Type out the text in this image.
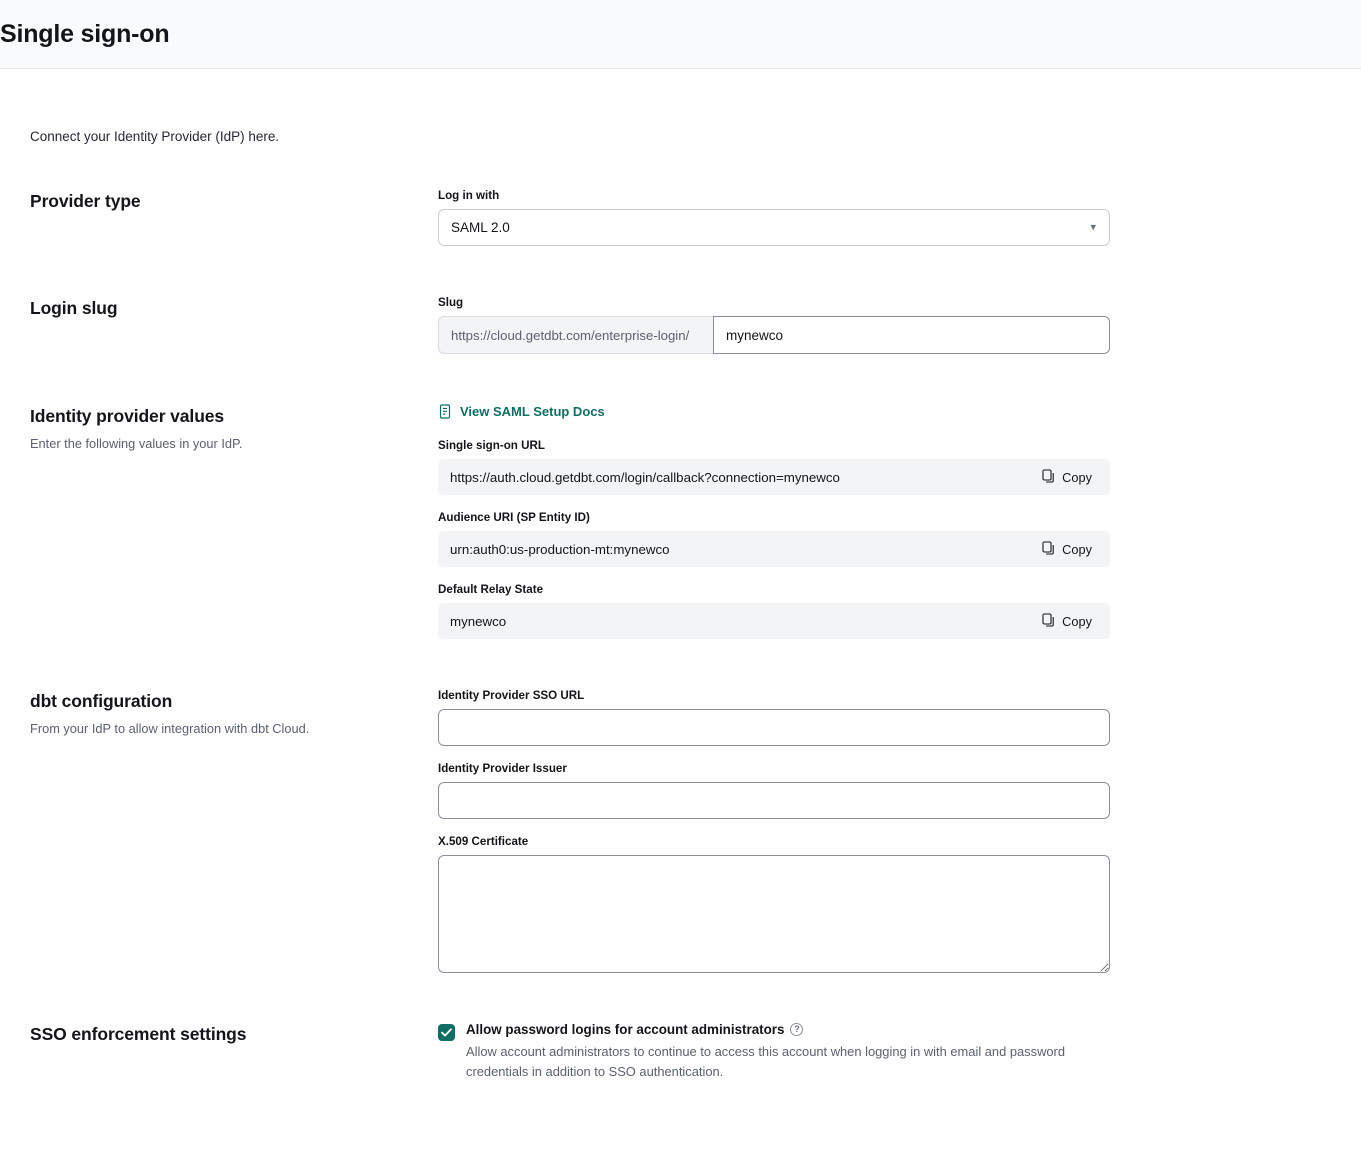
Single sign-on

Connect your Identity Provider (IdP) here.

Provider type	Log in with
SAML 2.0	▾
Login slug	Slug
https://cloud.getdbt.com/enterprise-login/
mynewco
Identity provider values

Enter the following values in your IdP.

View SAML Setup Docs
Single sign-on URL
https://auth.cloud.getdbt.com/login/callback?connection=mynewco	Copy
Audience URI (SP Entity ID)
urn:auth0:us-production-mt:mynewco	Copy
Default Relay State
mynewco	Copy
dbt configuration

From your IdP to allow integration with dbt Cloud.

Identity Provider SSO URL
Identity Provider Issuer
X.509 Certificate
SSO enforcement settings	Allow password logins for account administrators	?
Allow account administrators to continue to access this account when logging in with email and password credentials in addition to SSO authentication.
